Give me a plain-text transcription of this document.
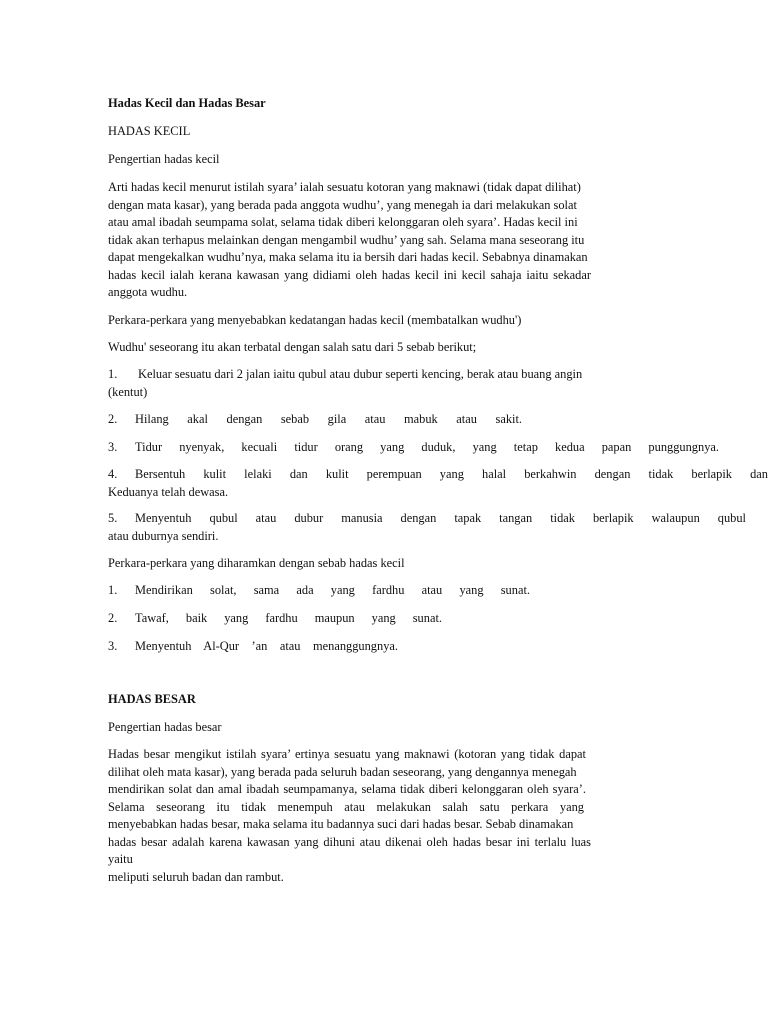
Hadas Kecil dan Hadas Besar
HADAS KECIL
Pengertian hadas kecil
Arti hadas kecil menurut istilah syara’ ialah sesuatu kotoran yang maknawi (tidak dapat dilihat)
dengan mata kasar), yang berada pada anggota wudhu’, yang menegah ia dari melakukan solat
atau amal ibadah seumpama solat, selama tidak diberi kelonggaran oleh syara’. Hadas kecil ini
tidak akan terhapus melainkan dengan mengambil wudhu’ yang sah. Selama mana seseorang itu
dapat mengekalkan wudhu’nya, maka selama itu ia bersih dari hadas kecil. Sebabnya dinamakan
hadas kecil ialah kerana kawasan yang didiami oleh hadas kecil ini kecil sahaja iaitu sekadar
anggota wudhu.
Perkara-perkara yang menyebabkan kedatangan hadas kecil (membatalkan wudhu')
Wudhu' seseorang itu akan terbatal dengan salah satu dari 5 sebab berikut;
1. Keluar sesuatu dari 2 jalan iaitu qubul atau dubur seperti kencing, berak atau buang angin
(kentut)
2.	Hilang akal dengan sebab gila atau mabuk atau sakit.
3.	Tidur nyenyak, kecuali tidur orang yang duduk, yang tetap kedua papan punggungnya.
4.	Bersentuh kulit lelaki dan kulit perempuan yang halal berkahwin dengan tidak berlapik dan
Keduanya telah dewasa.
5.	Menyentuh qubul atau dubur manusia dengan tapak tangan tidak berlapik walaupun qubul
atau duburnya sendiri.
Perkara-perkara yang diharamkan dengan sebab hadas kecil
1.	Mendirikan solat, sama ada yang fardhu atau yang sunat.
2.	Tawaf, baik yang fardhu maupun yang sunat.
3.	Menyentuh Al-Qur ’an atau menanggungnya.
HADAS BESAR
Pengertian hadas besar
Hadas besar mengikut istilah syara’ ertinya sesuatu yang maknawi (kotoran yang tidak dapat
dilihat oleh mata kasar), yang berada pada seluruh badan seseorang, yang dengannya menegah
mendirikan solat dan amal ibadah seumpamanya, selama tidak diberi kelonggaran oleh syara’.
Selama seseorang itu tidak menempuh atau melakukan salah satu perkara yang
menyebabkan hadas besar, maka selama itu badannya suci dari hadas besar. Sebab dinamakan
hadas besar adalah karena kawasan yang dihuni atau dikenai oleh hadas besar ini terlalu luas yaitu
meliputi seluruh badan dan rambut.
